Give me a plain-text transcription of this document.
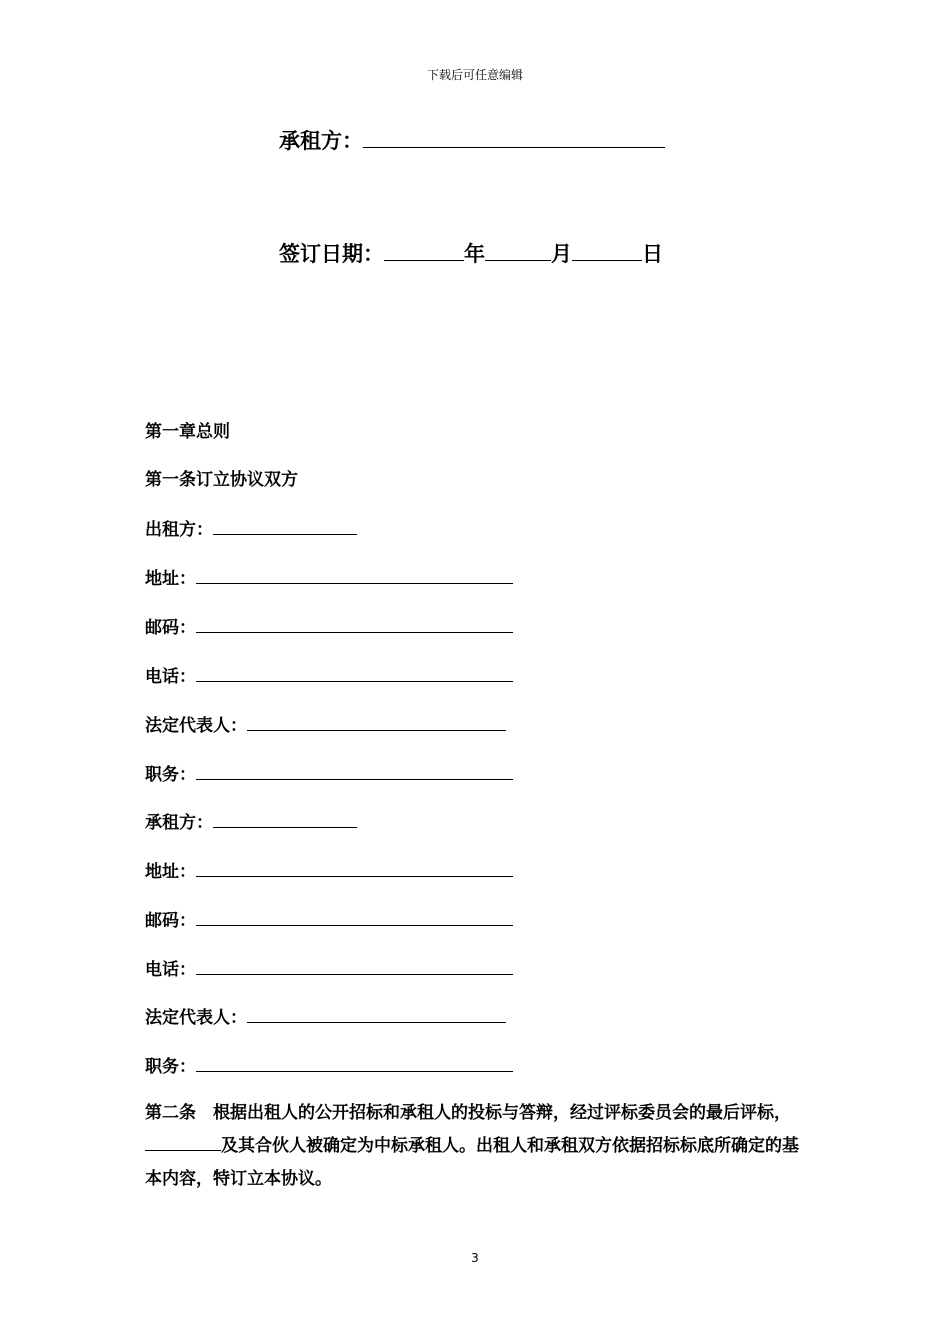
下载后可任意编辑
承租方：
签订日期：	年	月	日
第一章总则
第一条订立协议双方
出租方：
地址：
邮码：
电话：
法定代表人：
职务：
承租方：
地址：
邮码：
电话：
法定代表人：
职务：
第二条　根据出租人的公开招标和承租人的投标与答辩，经过评标委员会的最后评标，及其合伙人被确定为中标承租人。出租人和承租双方依据招标标底所确定的基本内容，特订立本协议。
3
